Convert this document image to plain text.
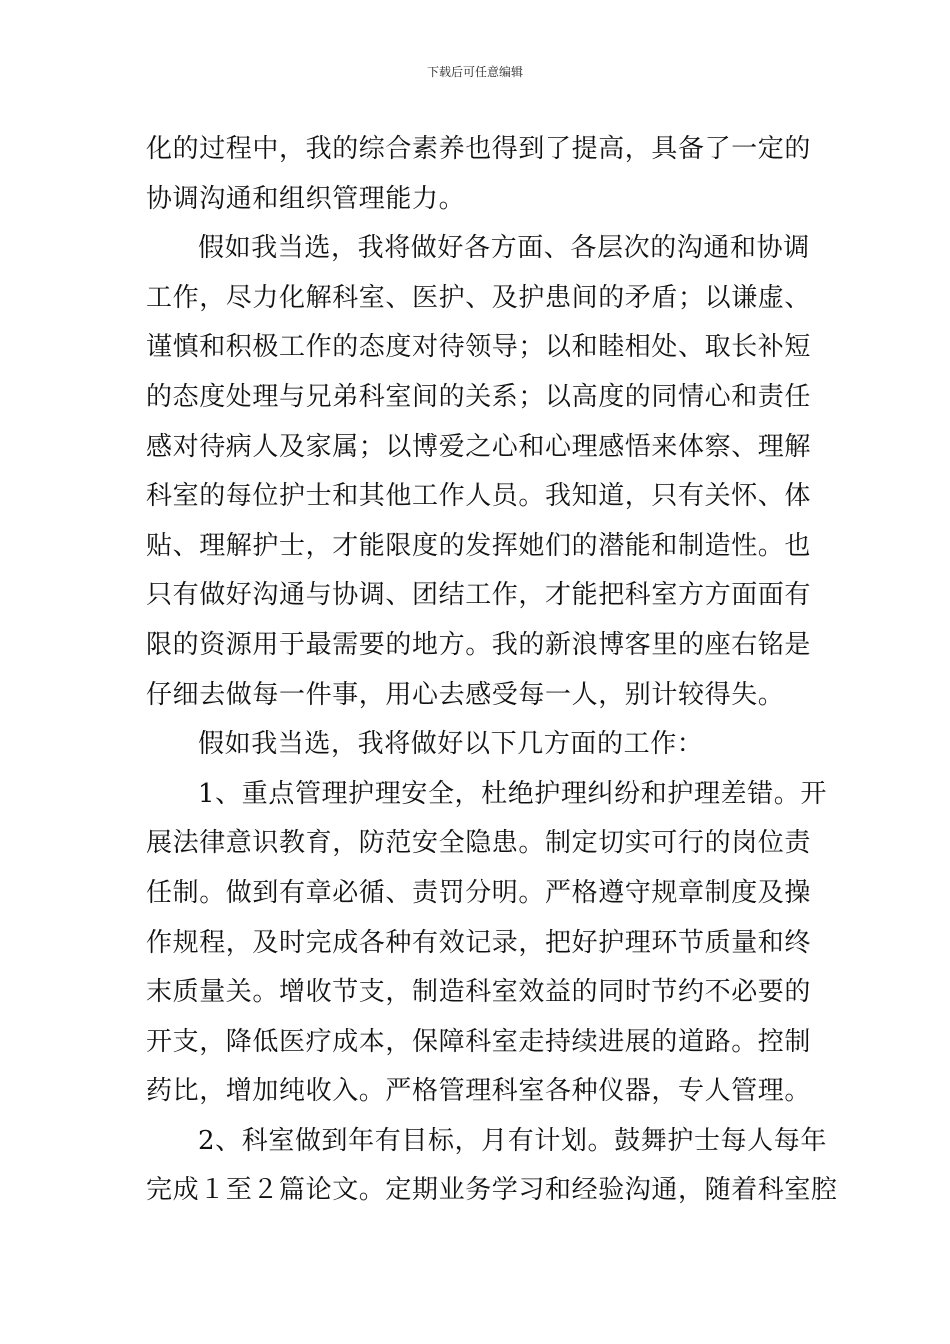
下载后可任意编辑
化的过程中，我的综合素养也得到了提高，具备了一定的
协调沟通和组织管理能力。
假如我当选，我将做好各方面、各层次的沟通和协调
工作，尽力化解科室、医护、及护患间的矛盾；以谦虚、
谨慎和积极工作的态度对待领导；以和睦相处、取长补短
的态度处理与兄弟科室间的关系；以高度的同情心和责任
感对待病人及家属；以博爱之心和心理感悟来体察、理解
科室的每位护士和其他工作人员。我知道，只有关怀、体
贴、理解护士，才能限度的发挥她们的潜能和制造性。也
只有做好沟通与协调、团结工作，才能把科室方方面面有
限的资源用于最需要的地方。我的新浪博客里的座右铭是
仔细去做每一件事，用心去感受每一人，别计较得失。
假如我当选，我将做好以下几方面的工作：
1、重点管理护理安全，杜绝护理纠纷和护理差错。开
展法律意识教育，防范安全隐患。制定切实可行的岗位责
任制。做到有章必循、责罚分明。严格遵守规章制度及操
作规程，及时完成各种有效记录，把好护理环节质量和终
末质量关。增收节支，制造科室效益的同时节约不必要的
开支，降低医疗成本，保障科室走持续进展的道路。控制
药比，增加纯收入。严格管理科室各种仪器，专人管理。
2、科室做到年有目标，月有计划。鼓舞护士每人每年
完成１至２篇论文。定期业务学习和经验沟通，随着科室腔
